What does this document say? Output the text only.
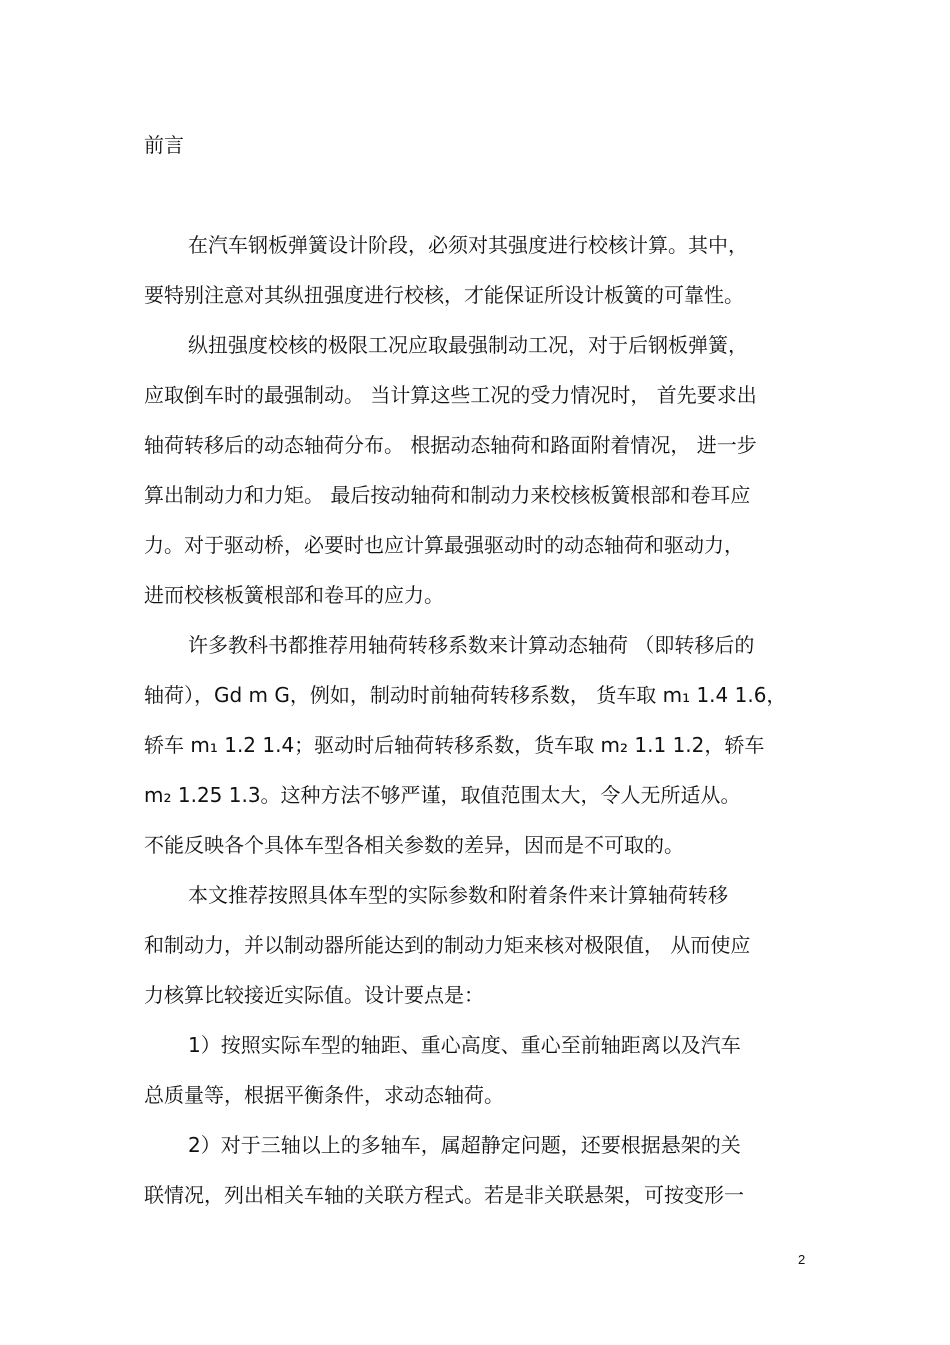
前言
在汽车钢板弹簧设计阶段，必须对其强度进行校核计算。其中，
要特别注意对其纵扭强度进行校核，才能保证所设计板簧的可靠性。
纵扭强度校核的极限工况应取最强制动工况，对于后钢板弹簧，
应取倒车时的最强制动。 当计算这些工况的受力情况时， 首先要求出
轴荷转移后的动态轴荷分布。 根据动态轴荷和路面附着情况， 进一步
算出制动力和力矩。 最后按动轴荷和制动力来校核板簧根部和卷耳应
力。对于驱动桥，必要时也应计算最强驱动时的动态轴荷和驱动力，
进而校核板簧根部和卷耳的应力。
许多教科书都推荐用轴荷转移系数来计算动态轴荷 （即转移后的
轴荷），Gd m G，例如，制动时前轴荷转移系数， 货车取 m₁ 1.4 1.6，
轿车 m₁ 1.2 1.4；驱动时后轴荷转移系数，货车取 m₂ 1.1 1.2，轿车
m₂ 1.25 1.3。这种方法不够严谨，取值范围太大，令人无所适从。
不能反映各个具体车型各相关参数的差异，因而是不可取的。
本文推荐按照具体车型的实际参数和附着条件来计算轴荷转移
和制动力，并以制动器所能达到的制动力矩来核对极限值， 从而使应
力核算比较接近实际值。设计要点是：
1）按照实际车型的轴距、重心高度、重心至前轴距离以及汽车
总质量等，根据平衡条件，求动态轴荷。
2）对于三轴以上的多轴车，属超静定问题，还要根据悬架的关
联情况，列出相关车轴的关联方程式。若是非关联悬架，可按变形一
2
